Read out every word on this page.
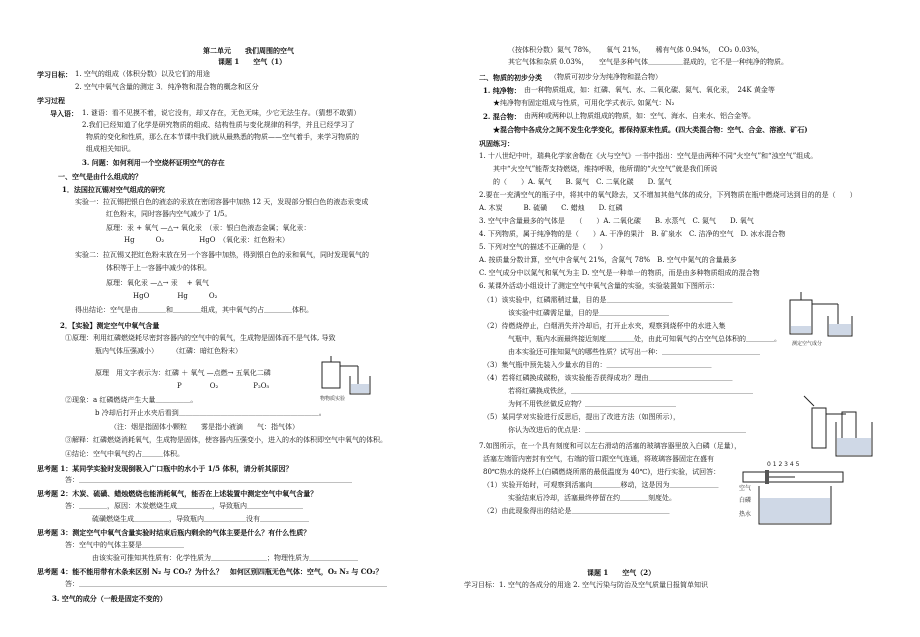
第二单元　　我们周围的空气
课题 1　　空气（1）
学习目标： 1. 空气的组成（体积分数）以及它们的用途
2. 空气中氧气含量的测定 3．纯净物和混合物的概念和区分
学习过程
导入语： 1. 谜语：看不见摸不着，说它没有，却又存在，无色无味，少它无法生存。（猜想不敢猜）
2.我们已经知道了化学是研究物质的组成、结构性质与变化规律的科学，并且已经学习了
物质的变化和性质，那么在本节课中我们就从最熟悉的物质——空气着手，来学习物质的
组成相关知识。
3. 问题：如何利用一个空烧杯证明空气的存在
一、空气是由什么组成的？
1．法国拉瓦锡对空气组成的研究
实验一：拉瓦锡把银白色的液态的汞放在密闭容器中加热 12 天，发现部分银白色的液态汞变成
红色粉末，同时容器内空气减少了 1/5。
原理：汞 + 氧气 —△→ 氧化汞　（汞：银白色液态金属；氧化汞：
Hg　　　O₂　　　　　HgO　（氧化汞：红色粉末）
实验二：拉瓦锡又把红色粉末放在另一个容器中加热，得到银白色的汞和氧气，同时发现氧气的
体积等于上一容器中减少的体积。
原理：氧化汞 —△→ 汞　 + 氧气
HgO　　　　Hg　　　O₂
得出结论：空气是由＿＿＿＿和＿＿＿＿组成，其中氧气约占＿＿＿＿体积。
2．【实验】测定空气中氧气含量
①原理：利用红磷燃烧耗尽密封容器内的空气中的氧气，生成物是固体而不是气体, 导致
瓶内气体压强减小）　　　（红磷：暗红色粉末）
原理　用文字表示为：红磷 ＋ 氧气 —点燃→ 五氧化二磷
P　　　　O₂　　　　　P₂O₅
②现象：a 红磷燃烧产生大量＿＿＿＿＿。
b 冷却后打开止水夹后看到＿＿＿＿＿＿＿＿＿＿＿＿＿＿＿＿＿＿＿＿。
（注：烟是指固体小颗粒　　雾是指小液滴　　气：指气体）
③解释：红磷燃烧消耗氧气，生成物是固体，使容器内压强变小，进入的水的体积即空气中氧气的体积。
④结论：空气中氧气约占＿＿＿体积。
思考题 1：某同学实验时发现倒吸入广口瓶中的水小于 1/5 体积，请分析其原因？
答：＿＿＿＿＿＿＿＿＿＿＿＿＿＿＿＿＿＿＿＿＿＿＿＿＿＿＿＿＿＿＿＿＿＿＿＿＿＿＿
思考题 2：木炭、硫磺、蜡烛燃烧也能消耗氧气，能否在上述装置中测定空气中氧气含量？
答：＿＿＿＿，原因：木炭燃烧生成＿＿＿＿＿，导致瓶内＿＿＿＿＿＿＿＿
硫磺燃烧生成＿＿＿＿＿，导致瓶内＿＿＿＿＿＿没有＿＿＿＿＿＿＿
思考题 3：测定空气中氧气含量实验时结束后瓶内剩余的气体主要是什么？有什么性质？
答：空气中的气体主要是＿＿＿＿＿＿
由该实验可推知其性质有：化学性质为＿＿＿＿＿＿＿＿；物理性质为＿＿＿＿＿＿＿
思考题 4：能不能用带有木条来区别 N₂ 与 CO₂？为什么？　如何区别四瓶无色气体：空气，O₂ N₂ 与 CO₂？
答：＿＿＿＿＿＿＿＿＿＿＿＿＿＿＿＿＿＿＿＿＿＿＿＿＿＿＿＿＿＿＿＿＿＿＿＿＿＿＿＿＿＿＿＿
3. 空气的成分（一般是固定不变的）
物物质实验
（按体积分数）氮气 78%，　　氧气 21%，　　稀有气体 0.94%，　CO₂ 0.03%，
其它气体和杂质 0.03%，　　空气是多种气体＿＿＿＿＿混成的，它不是一种纯净的物质。
二、物质的初步分类 （物质可初步分为纯净物和混合物）
1. 纯净物： 由一种物质组成，如：红磷、氧气、水、二氧化碳、氮气、氧化汞，　24K 黄金等
★纯净物有固定组成与性质，可用化学式表示, 如氮气：N₂
2. 混合物： 由两种或两种以上物质组成的物质，如：空气、海水、自来水、铝合金等。
★混合物中各成分之间不发生化学变化，都保持原来性质。(四大类混合物：空气、合金、溶液、矿石)
巩固练习：
1. 十八世纪中叶，瑞典化学家舍勒在《火与空气》一书中指出：空气是由两种不同“火空气”和“浊空气”组成。
其中“火空气”能帮支持燃烧，维持呼吸，他所谓的“火空气”就是我们所说
的（　　）A. 氧气　　B. 氮气　C. 二氧化碳　　D. 氢气
2.要在一充满空气的瓶子中，将其中的氧气除去，又不增加其他气体的成分，下列物质在瓶中燃烧可达到目的的是（　　）
A. 木炭　　　B. 硫磺　　C. 蜡烛　　D. 红磷
3. 空气中含量最多的气体是　　（　　）A. 二氧化碳　　B. 水蒸气　C. 氮气　　D. 氧气
4. 下列物质，属于纯净物的是（　　）A. 干净的果汁　B. 矿泉水　C. 洁净的空气　D. 冰水混合物
5. 下列对空气的描述不正确的是（　　）
A. 按质量分数计算，空气中含氧气 21%，含氮气 78%　B. 空气中氮气的含量最多
C. 空气成分中以氮气和氧气为主 D. 空气是一种单一的物质，而是由多种物质组成的混合物
6. 某课外活动小组设计了测定空气中氧气含量的实验，实验装置如下图所示：
（1）该实验中，红磷需稍过量，目的是＿＿＿＿＿＿＿＿＿＿＿＿＿＿＿＿＿＿
该实验中红磷需足量，目的是＿＿＿＿＿＿＿＿＿＿
（2）待燃烧停止，白烟消失并冷却后，打开止水夹，观察到烧杯中的水进入集
气瓶中，瓶内水面最终接近刻度＿＿＿＿处，由此可知氧气约占空气总体积的＿＿＿＿。
由本实验还可推知氮气的哪些性质？试写出一种：＿＿＿＿＿＿＿＿＿＿＿＿＿＿
（3）集气瓶中预先装入少量水的目的：＿＿＿＿＿＿＿＿＿＿＿＿＿＿＿
（4）若将红磷换成碳粉，该实验能否获得成功？理由＿＿＿＿＿＿＿＿＿＿＿＿
若将红磷换成铁丝，＿＿＿＿＿＿＿＿＿＿＿＿＿＿＿＿＿＿＿＿＿＿＿＿＿＿
为何不用铁丝做反应物？＿＿＿＿＿＿＿＿＿＿＿＿＿
（5）某同学对实验进行反思后，提出了改进方法（如图所示），
你认为改进后的优点是：＿＿＿＿＿＿＿＿＿＿＿＿＿＿＿＿＿＿＿＿＿＿＿
7.如图所示，在一个具有刻度和可以左右滑动的活塞的玻璃容器里放入白磷（足量），
活塞左端管内密封有空气，右端的管口跟空气连通，将玻璃容器固定在盛有
80℃热水的烧杯上(白磷燃烧所需的最低温度为 40℃)，进行实验，试回答：
（1）实验开始时，可观察到活塞向＿＿＿＿移动，这是因为＿＿＿＿＿＿＿
实验结束后冷却，活塞最终停留在约＿＿＿＿刻度处。
（2）由此现象得出的结论是＿＿＿＿＿＿＿＿＿＿＿＿＿＿
课题 1　　空气（2）
学习目标：1. 空气的各成分的用途 2. 空气污染与防治及空气质量日报简单知识
测定空气成分
0 1 2 3 4 5
空气
白磷
热水
